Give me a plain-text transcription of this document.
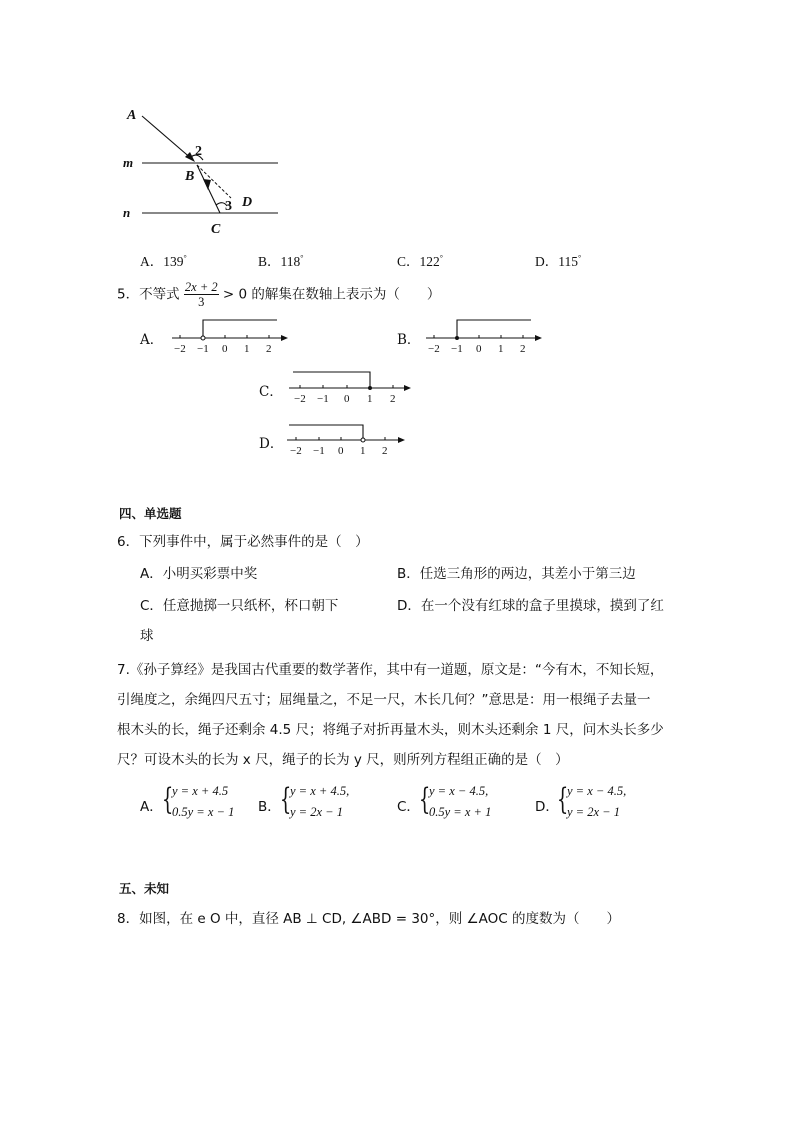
A
m
n
B
C
D
2
3
A．139°	B．118°	C．122°	D．115°
5．不等式 $\frac{2x + 2}{3} > 0$ 的解集在数轴上表示为（　　）
A．
−2 −1 0 1 2
B．
−2 −1 0 1 2
C． −2 −1 0 1 2
D． −2 −1 0 1 2
四、单选题
6．下列事件中，属于必然事件的是（　）
A．小明买彩票中奖	B．任选三角形的两边，其差小于第三边
C．任意抛掷一只纸杯，杯口朝下	D．在一个没有红球的盒子里摸球，摸到了红
球
7.《孙子算经》是我国古代重要的数学著作，其中有一道题，原文是：“今有木，不知长短，
引绳度之，余绳四尺五寸；屈绳量之，不足一尺，木长几何？”意思是：用一根绳子去量一
根木头的长，绳子还剩余 4.5 尺；将绳子对折再量木头，则木头还剩余 1 尺，问木头长多少
尺？可设木头的长为 x 尺，绳子的长为 y 尺，则所列方程组正确的是（　）
A． {
y = x + 4.5
0.5y = x − 1 B． {
y = x + 4.5,
y = 2x − 1	C．
{
y = x − 4.5,
0.5y = x + 1	D．
{
y = x − 4.5,
y = 2x − 1
五、未知
8．如图，在 e O 中，直径 AB ⊥ CD, ∠ABD = 30°，则 ∠AOC 的度数为（　　）
